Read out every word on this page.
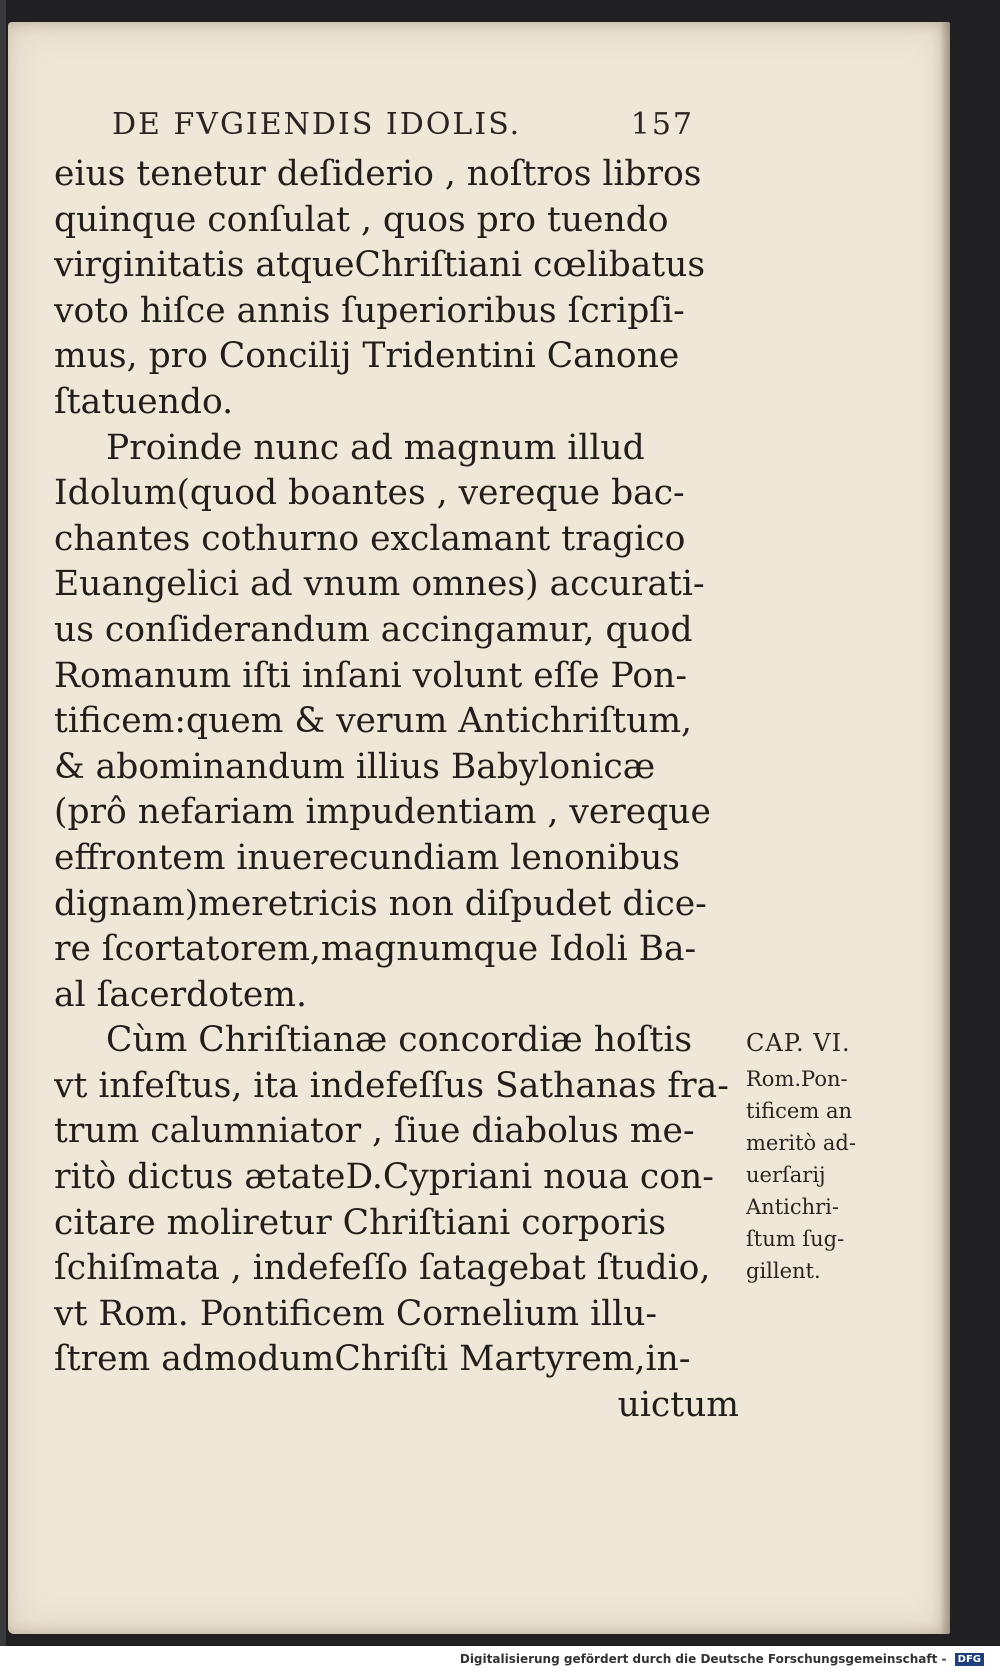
DE FVGIENDIS IDOLIS.	157
eius tenetur deſiderio , noſtros libros
quinque conſulat , quos pro tuendo
virginitatis atqueChriſtiani cœlibatus
voto hiſce annis ſuperioribus ſcripſi-
mus, pro Concilij Tridentini Canone
ſtatuendo.
Proinde nunc ad magnum illud
Idolum(quod boantes , vereque bac-
chantes cothurno exclamant tragico
Euangelici ad vnum omnes) accurati-
us conſiderandum accingamur, quod
Romanum iſti inſani volunt eſſe Pon-
tificem:quem & verum Antichriſtum,
& abominandum illius Babylonicæ
(prô nefariam impudentiam , vereque
effrontem inuerecundiam lenonibus
dignam)meretricis non diſpudet dice-
re ſcortatorem,magnumque Idoli Ba-
al ſacerdotem.
Cùm Chriſtianæ concordiæ hoſtis
vt infeſtus, ita indefeſſus Sathanas fra-
trum calumniator , ſiue diabolus me-
ritò dictus ætateD.Cypriani noua con-
citare moliretur Chriſtiani corporis
ſchiſmata , indefeſſo ſatagebat ſtudio,
vt Rom. Pontificem Cornelium illu-
ſtrem admodumChriſti Martyrem,in-
uictum
CAP. VI.
Rom.Pon-
tificem an
meritò ad-
uerſarij
Antichri-
ſtum ſug-
gillent.
Digitalisierung gefördert durch die Deutsche Forschungsgemeinschaft - DFG
